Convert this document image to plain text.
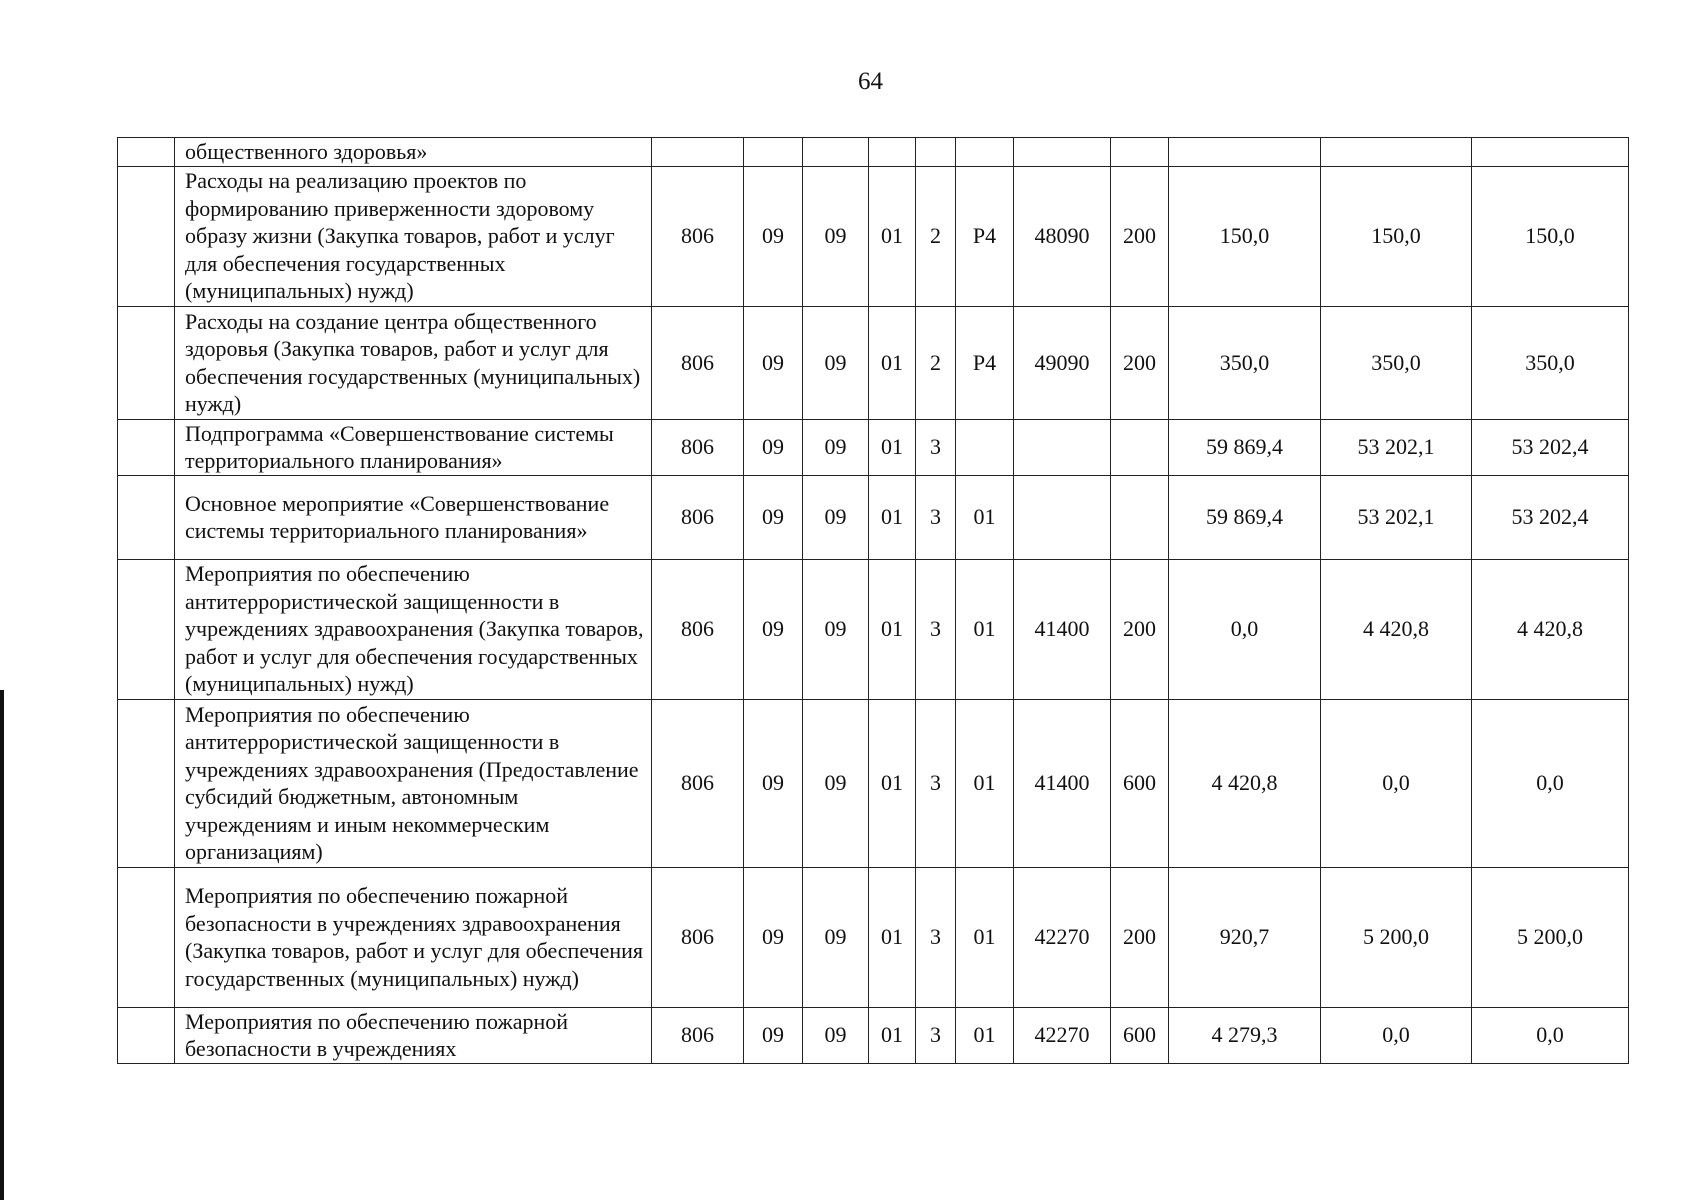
64
	общественного здоровья»											
	Расходы на реализацию проектов по формированию приверженности здоровому образу жизни (Закупка товаров, работ и услуг для обеспечения государственных (муниципальных) нужд)	806	09	09	01	2	Р4	48090	200	150,0	150,0	150,0
	Расходы на создание центра общественного здоровья (Закупка товаров, работ и услуг для обеспечения государственных (муниципальных) нужд)	806	09	09	01	2	Р4	49090	200	350,0	350,0	350,0
	Подпрограмма «Совершенствование системы территориального планирования»	806	09	09	01	3				59 869,4	53 202,1	53 202,4
	Основное мероприятие «Совершенствование системы территориального планирования»	806	09	09	01	3	01			59 869,4	53 202,1	53 202,4
	Мероприятия по обеспечению антитеррористической защищенности в учреждениях здравоохранения (Закупка товаров, работ и услуг для обеспечения государственных (муниципальных) нужд)	806	09	09	01	3	01	41400	200	0,0	4 420,8	4 420,8
	Мероприятия по обеспечению антитеррористической защищенности в учреждениях здравоохранения (Предоставление субсидий бюджетным, автономным учреждениям и иным некоммерческим организациям)	806	09	09	01	3	01	41400	600	4 420,8	0,0	0,0
	Мероприятия по обеспечению пожарной безопасности в учреждениях здравоохранения (Закупка товаров, работ и услуг для обеспечения государственных (муниципальных) нужд)	806	09	09	01	3	01	42270	200	920,7	5 200,0	5 200,0
	Мероприятия по обеспечению пожарной безопасности в учреждениях	806	09	09	01	3	01	42270	600	4 279,3	0,0	0,0
